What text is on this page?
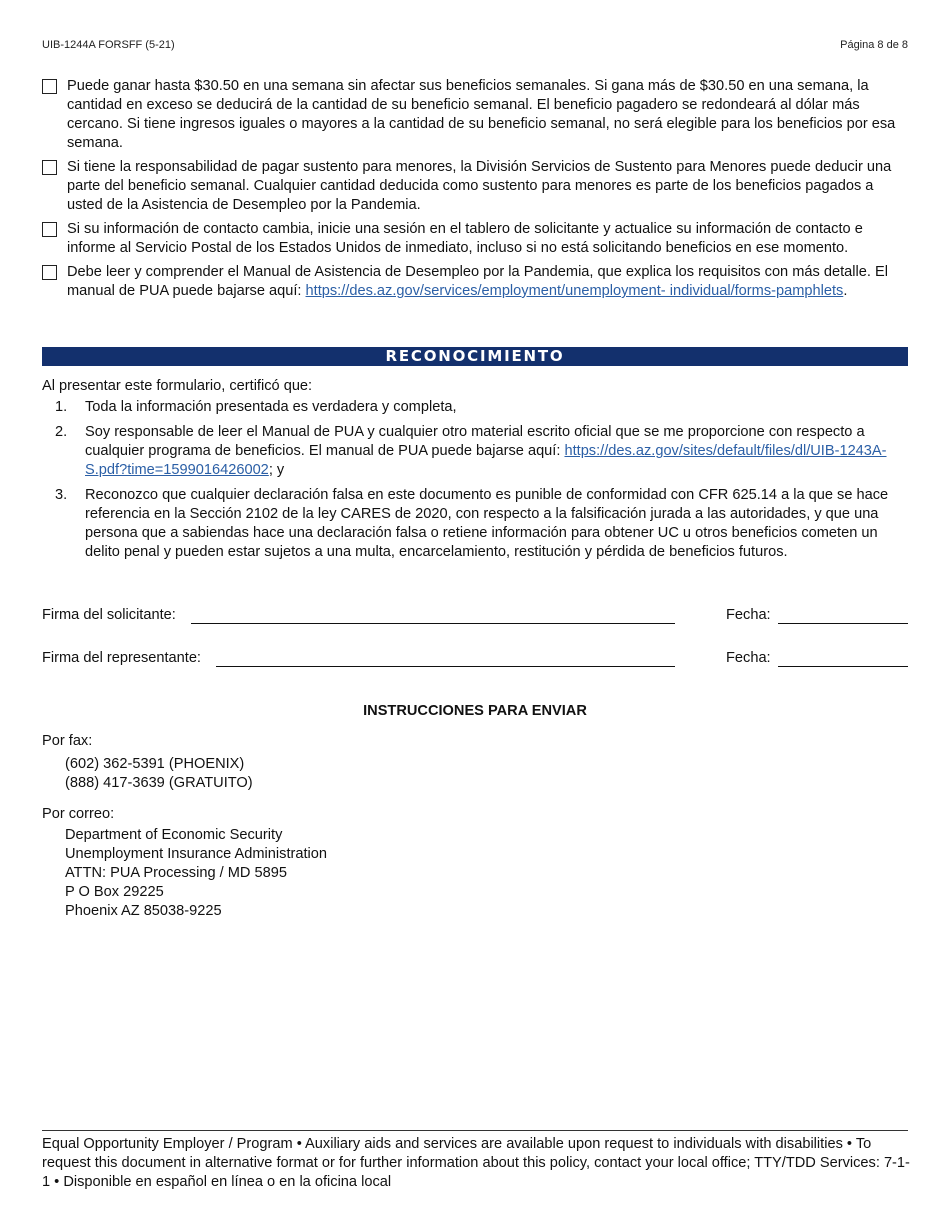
UIB-1244A FORSFF (5-21)	Página 8 de 8
Puede ganar hasta $30.50 en una semana sin afectar sus beneficios semanales. Si gana más de $30.50 en una semana, la cantidad en exceso se deducirá de la cantidad de su beneficio semanal. El beneficio pagadero se redondeará al dólar más cercano. Si tiene ingresos iguales o mayores a la cantidad de su beneficio semanal, no será elegible para los beneficios por esa semana.
Si tiene la responsabilidad de pagar sustento para menores, la División Servicios de Sustento para Menores puede deducir una parte del beneficio semanal. Cualquier cantidad deducida como sustento para menores es parte de los beneficios pagados a usted de la Asistencia de Desempleo por la Pandemia.
Si su información de contacto cambia, inicie una sesión en el tablero de solicitante y actualice su información de contacto e informe al Servicio Postal de los Estados Unidos de inmediato, incluso si no está solicitando beneficios en ese momento.
Debe leer y comprender el Manual de Asistencia de Desempleo por la Pandemia, que explica los requisitos con más detalle. El manual de PUA puede bajarse aquí: https://des.az.gov/services/employment/unemployment- individual/forms-pamphlets.
RECONOCIMIENTO
Al presentar este formulario, certificó que:
1.	Toda la información presentada es verdadera y completa,
2.	Soy responsable de leer el Manual de PUA y cualquier otro material escrito oficial que se me proporcione con respecto a cualquier programa de beneficios. El manual de PUA puede bajarse aquí: https://des.az.gov/sites/default/files/dl/UIB-1243A-S.pdf?time=1599016426002; y
3.	Reconozco que cualquier declaración falsa en este documento es punible de conformidad con CFR 625.14 a la que se hace referencia en la Sección 2102 de la ley CARES de 2020, con respecto a la falsificación jurada a las autoridades, y que una persona que a sabiendas hace una declaración falsa o retiene información para obtener UC u otros beneficios cometen un delito penal y pueden estar sujetos a una multa, encarcelamiento, restitución y pérdida de beneficios futuros.
Firma del solicitante:	Fecha:
Firma del representante:	Fecha:
INSTRUCCIONES PARA ENVIAR
Por fax:
(602) 362-5391 (PHOENIX)
(888) 417-3639 (GRATUITO)
Por correo:
Department of Economic Security
Unemployment Insurance Administration
ATTN: PUA Processing / MD 5895
P O Box 29225
Phoenix AZ 85038-9225
Equal Opportunity Employer / Program • Auxiliary aids and services are available upon request to individuals with disabilities • To request this document in alternative format or for further information about this policy, contact your local office; TTY/TDD Services: 7-1-1 • Disponible en español en línea o en la oficina local
